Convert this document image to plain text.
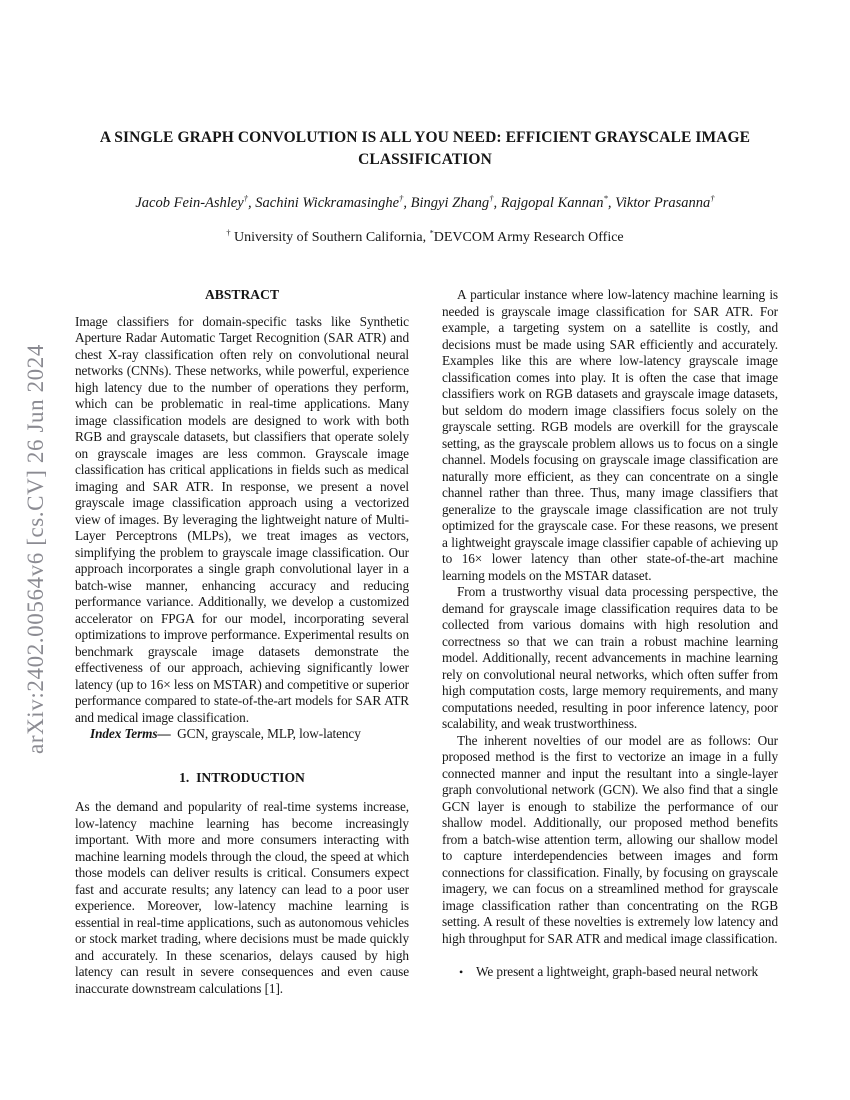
arXiv:2402.00564v6 [cs.CV] 26 Jun 2024
A SINGLE GRAPH CONVOLUTION IS ALL YOU NEED: EFFICIENT GRAYSCALE IMAGE
CLASSIFICATION
Jacob Fein-Ashley†, Sachini Wickramasinghe†, Bingyi Zhang†, Rajgopal Kannan*, Viktor Prasanna†
† University of Southern California, *DEVCOM Army Research Office
ABSTRACT

Image classifiers for domain-specific tasks like Synthetic Aperture Radar Automatic Target Recognition (SAR ATR) and chest X-ray classification often rely on convolutional neural networks (CNNs). These networks, while powerful, experience high latency due to the number of operations they perform, which can be problematic in real-time applications. Many image classification models are designed to work with both RGB and grayscale datasets, but classifiers that operate solely on grayscale images are less common. Grayscale image classification has critical applications in fields such as medical imaging and SAR ATR. In response, we present a novel grayscale image classification approach using a vectorized view of images. By leveraging the lightweight nature of Multi-Layer Perceptrons (MLPs), we treat images as vectors, simplifying the problem to grayscale image classification. Our approach incorporates a single graph convolutional layer in a batch-wise manner, enhancing accuracy and reducing performance variance. Additionally, we develop a customized accelerator on FPGA for our model, incorporating several optimizations to improve performance. Experimental results on benchmark grayscale image datasets demonstrate the effectiveness of our approach, achieving significantly lower latency (up to 16× less on MSTAR) and competitive or superior performance compared to state-of-the-art models for SAR ATR and medical image classification.

Index Terms—  GCN, grayscale, MLP, low-latency

1.  INTRODUCTION

As the demand and popularity of real-time systems increase, low-latency machine learning has become increasingly important. With more and more consumers interacting with machine learning models through the cloud, the speed at which those models can deliver results is critical. Consumers expect fast and accurate results; any latency can lead to a poor user experience. Moreover, low-latency machine learning is essential in real-time applications, such as autonomous vehicles or stock market trading, where decisions must be made quickly and accurately. In these scenarios, delays caused by high latency can result in severe consequences and even cause inaccurate downstream calculations [1].

A particular instance where low-latency machine learning is needed is grayscale image classification for SAR ATR. For example, a targeting system on a satellite is costly, and decisions must be made using SAR efficiently and accurately. Examples like this are where low-latency grayscale image classification comes into play. It is often the case that image classifiers work on RGB datasets and grayscale image datasets, but seldom do modern image classifiers focus solely on the grayscale setting. RGB models are overkill for the grayscale setting, as the grayscale problem allows us to focus on a single channel. Models focusing on grayscale image classification are naturally more efficient, as they can concentrate on a single channel rather than three. Thus, many image classifiers that generalize to the grayscale image classification are not truly optimized for the grayscale case. For these reasons, we present a lightweight grayscale image classifier capable of achieving up to 16× lower latency than other state-of-the-art machine learning models on the MSTAR dataset.

From a trustworthy visual data processing perspective, the demand for grayscale image classification requires data to be collected from various domains with high resolution and correctness so that we can train a robust machine learning model. Additionally, recent advancements in machine learning rely on convolutional neural networks, which often suffer from high computation costs, large memory requirements, and many computations needed, resulting in poor inference latency, poor scalability, and weak trustworthiness.

The inherent novelties of our model are as follows: Our proposed method is the first to vectorize an image in a fully connected manner and input the resultant into a single-layer graph convolutional network (GCN). We also find that a single GCN layer is enough to stabilize the performance of our shallow model. Additionally, our proposed method benefits from a batch-wise attention term, allowing our shallow model to capture interdependencies between images and form connections for classification. Finally, by focusing on grayscale imagery, we can focus on a streamlined method for grayscale image classification rather than concentrating on the RGB setting. A result of these novelties is extremely low latency and high throughput for SAR ATR and medical image classification.

• We present a lightweight, graph-based neural network
